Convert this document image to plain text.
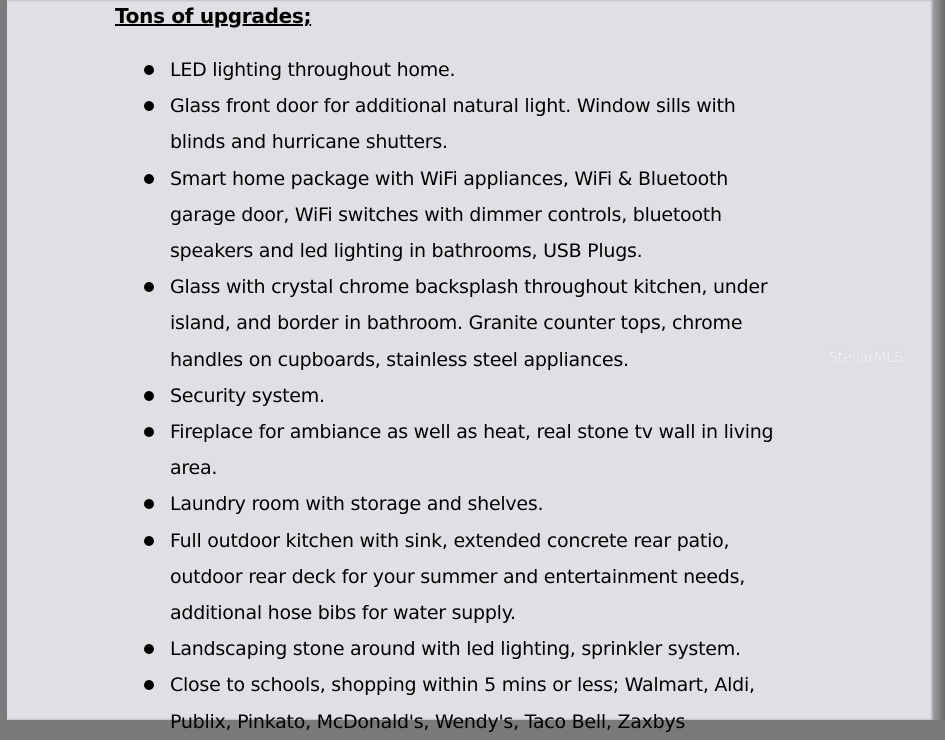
Tons of upgrades;
LED lighting throughout home.
Glass front door for additional natural light. Window sills with
blinds and hurricane shutters.
Smart home package with WiFi appliances, WiFi & Bluetooth
garage door, WiFi switches with dimmer controls, bluetooth
speakers and led lighting in bathrooms, USB Plugs.
Glass with crystal chrome backsplash throughout kitchen, under
island, and border in bathroom. Granite counter tops, chrome
handles on cupboards, stainless steel appliances.
Security system.
Fireplace for ambiance as well as heat, real stone tv wall in living
area.
Laundry room with storage and shelves.
Full outdoor kitchen with sink, extended concrete rear patio,
outdoor rear deck for your summer and entertainment needs,
additional hose bibs for water supply.
Landscaping stone around with led lighting, sprinkler system.
Close to schools, shopping within 5 mins or less; Walmart, Aldi,
Publix, Pinkato, McDonald's, Wendy's, Taco Bell, Zaxbys
StellarMLS
